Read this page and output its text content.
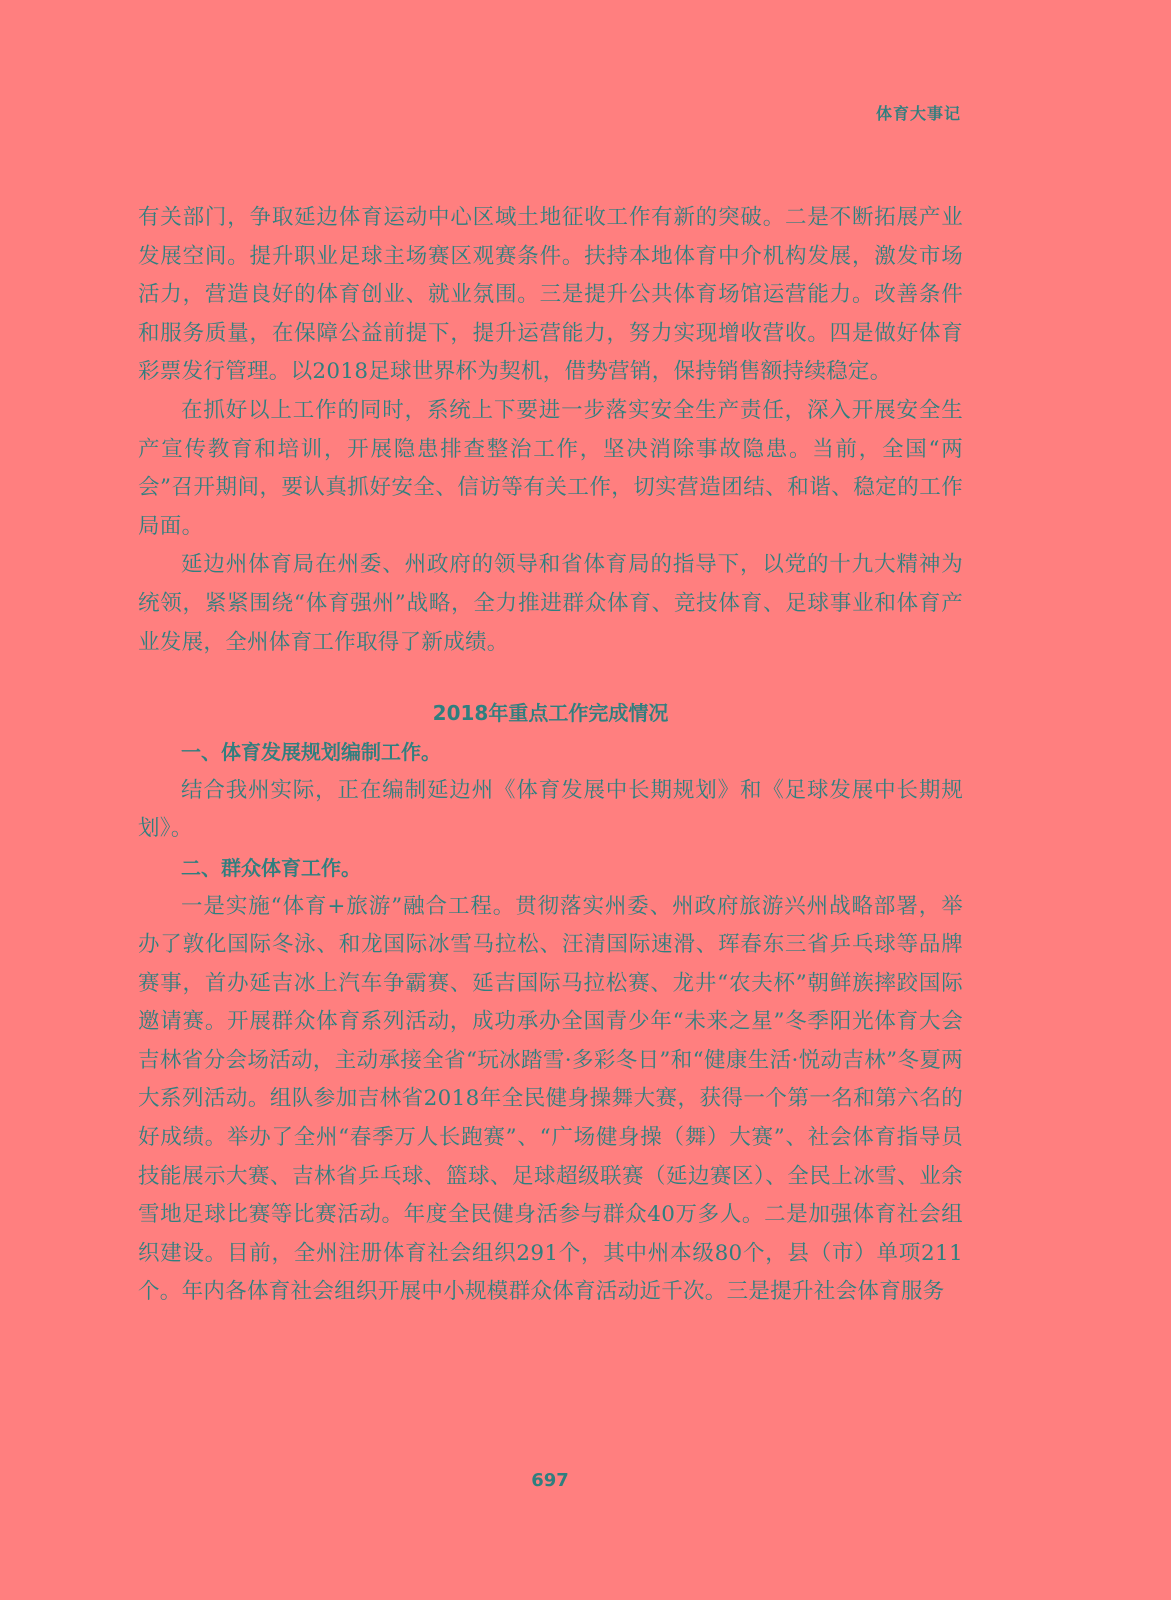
体育大事记

有关部门，争取延边体育运动中心区域土地征收工作有新的突破。二是不断拓展产业发展空间。提升职业足球主场赛区观赛条件。扶持本地体育中介机构发展，激发市场活力，营造良好的体育创业、就业氛围。三是提升公共体育场馆运营能力。改善条件和服务质量，在保障公益前提下，提升运营能力，努力实现增收营收。四是做好体育彩票发行管理。以2018足球世界杯为契机，借势营销，保持销售额持续稳定。

在抓好以上工作的同时，系统上下要进一步落实安全生产责任，深入开展安全生产宣传教育和培训，开展隐患排查整治工作，坚决消除事故隐患。当前，全国“两会”召开期间，要认真抓好安全、信访等有关工作，切实营造团结、和谐、稳定的工作局面。

延边州体育局在州委、州政府的领导和省体育局的指导下，以党的十九大精神为统领，紧紧围绕“体育强州”战略，全力推进群众体育、竞技体育、足球事业和体育产业发展，全州体育工作取得了新成绩。

2018年重点工作完成情况

一、体育发展规划编制工作。

结合我州实际，正在编制延边州《体育发展中长期规划》和《足球发展中长期规划》。

二、群众体育工作。

一是实施“体育+旅游”融合工程。贯彻落实州委、州政府旅游兴州战略部署，举办了敦化国际冬泳、和龙国际冰雪马拉松、汪清国际速滑、珲春东三省乒乓球等品牌赛事，首办延吉冰上汽车争霸赛、延吉国际马拉松赛、龙井“农夫杯”朝鲜族摔跤国际邀请赛。开展群众体育系列活动，成功承办全国青少年“未来之星”冬季阳光体育大会吉林省分会场活动，主动承接全省“玩冰踏雪·多彩冬日”和“健康生活·悦动吉林”冬夏两大系列活动。组队参加吉林省2018年全民健身操舞大赛，获得一个第一名和第六名的好成绩。举办了全州“春季万人长跑赛”、“广场健身操（舞）大赛”、社会体育指导员技能展示大赛、吉林省乒乓球、篮球、足球超级联赛（延边赛区）、全民上冰雪、业余雪地足球比赛等比赛活动。年度全民健身活参与群众40万多人。二是加强体育社会组织建设。目前，全州注册体育社会组织291个，其中州本级80个，县（市）单项211个。年内各体育社会组织开展中小规模群众体育活动近千次。三是提升社会体育服务

697
